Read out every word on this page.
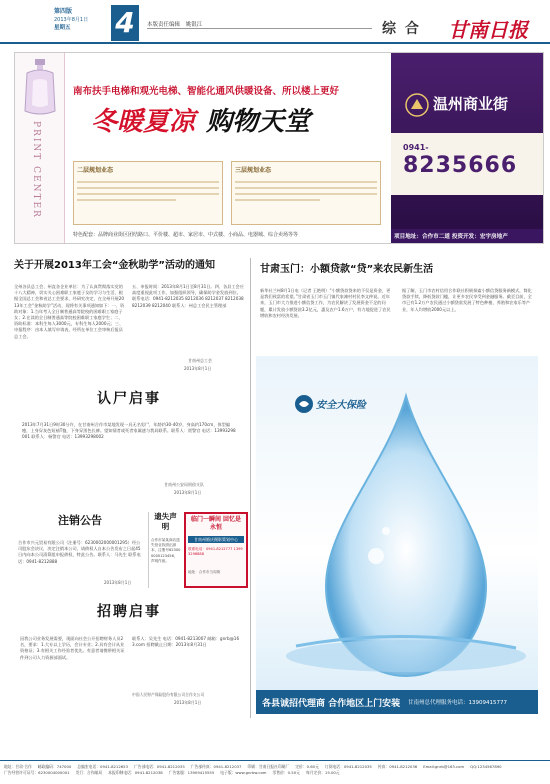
第四版
2013年8月1日
星期五	4	本版责任编辑 姚银江	综 合 甘南日报
PRINT CENTER
南布扶手电梯和观光电梯、智能化通风供暖设备、所以楼上更好
冬暖夏凉 购物天堂
二层规划业态	三层规划业态
温州商业街
0941-
8235666
项目地址：合作市二道 投资开发：宏宇房地产
特色配套：品牌商业街区团结路口、平价楼、超市、家居市、中式楼、小商品、电器城、综合卖场等等
关于开展2013年工会“金秋助学”活动的通知
全州各县总工会、州直各企业单位：为了认真贯彻落实党的十八大精神，切实关心困难职工家庭子女的学习与生活，根据全国总工会和省总工会要求，经研究决定，在全州开展2013年工会“金秋助学”活动，现将有关事项通知如下：一、资助对象：1.当年考入全日制普通高等院校的困难职工家庭子女；2.在读的全日制普通高等院校困难职工家庭学生；二、资助标准：本科生每人3000元，专科生每人2000元；三、申报程序：由本人填写申请表，经所在单位工会审核后报县总工会。
五、申报时间：2013年8月1日至8月31日。四、各县工会应高度重视此项工作，加强组织领导，确保助学金发放到位。联系电话：0941-8212035 8212036 8212037 8212038 8212039 8212040 联系人：州总工会民主管理部
甘南州总工会
2013年8月1日
甘肃玉门：小额贷款“贷”来农民新生活
新华社兰州8月1日电（记者 王艳明）“小额贷款贷来的不仅是资金，更是我们致富的希望。”甘肃省玉门市玉门镇代家滩村村民李文仲说。近年来，玉门市大力推进小额信贷工作，为农民解决了发展资金不足的问题，累计发放小额贷款3.2亿元，惠及农户1.6万户，有力地促进了农民增收和农村经济发展。
据了解，玉门市农村信用合作联社积极探索小额信贷服务新模式，简化贷款手续，降低贷款门槛，让更多农民享受到金融服务。截至目前，全市已有1.2万户农民通过小额贷款发展了特色种植、养殖和农家乐等产业，年人均增收2000元以上。
认尸启事
2013年7月31日9时30分许，在甘南州合作市某地发现一具无名男尸，年龄约30-40岁，身高约170cm，体型偏瘦，上身穿灰色短袖T恤，下身穿黑色长裤。望知情者或死者家属速与我局联系。联系人：贾警官 电话：13993298001 联系人：杨警官 电话：13993298002
甘南州公安局刑侦支队
2013年8月1日
注销公告
合作市兴元贸易有限公司（注册号：6230002000001295）经公司股东会决议，决定注销本公司，请债权人自本公告发布之日起45日内向本公司清算组申报债权，特此公告。联系人：马先生 联系电话：0941-8212888
2013年8月1日
遗失声明
合作市某某商店遗失营业执照正副本，注册号623000000123456，声明作废。
临门一瞬间 回忆是永恒
甘南州婚庆摄影策划中心
联系电话：0941-8212777 13993298888
地址：合作市当周街
招聘启事
因我公司业务发展需要，现面向社会公开招聘财务人员2名，要求：1.大专以上学历，会计专业；2.具有会计从业资格证；3.有相关工作经验者优先。有意者请携带相关证件到公司人力资源部面试。
联系人：吴先生 电话：0941-8213007 邮箱：gnrb@163.com 招聘截止日期：2013年8月31日
中国人民财产保险股份有限公司合作支公司
2013年8月1日
安全大保险
各县诚招代理商 合作地区上门安装 甘南州总代理服务电话：13909415777
地址：甘肃·合作 邮政编码：747000 总编室电话：0941-8212653 广告部电话：0941-8212035 广告部传真：0941-8212037 印刷：甘南日报社印刷厂 定价：0.60元 订阅电话：0941-8212035 传真：0941-8212036 Email:gnrb@163.com QQ:1234567890
广告经营许可证号：6230004000001 发行：合作邮局 本报印制电话：0941-8212038 广告客服：13909415555 电子版：www.gnrbw.com 零售价：0.50元 每月定价：15.00元
